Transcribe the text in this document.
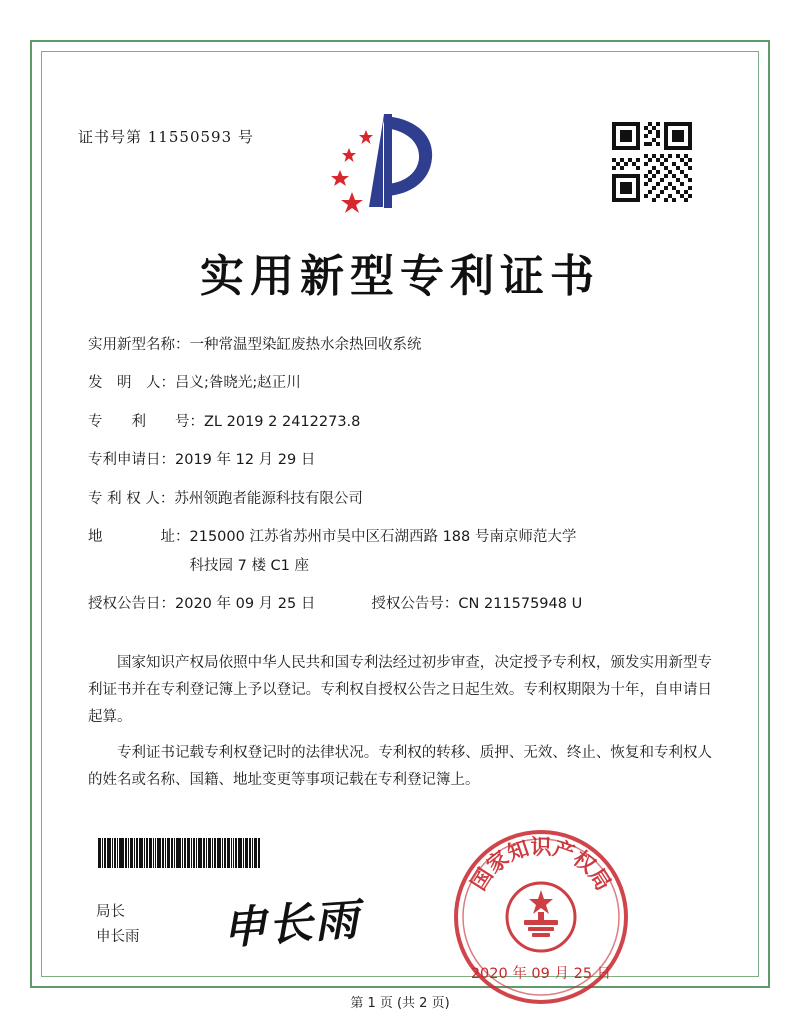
证书号第 11550593 号
实用新型专利证书
实用新型名称： 一种常温型染缸废热水余热回收系统
发　明　人： 吕义;昝晓光;赵正川
专　　利　　号： ZL 2019 2 2412273.8
专利申请日： 2019 年 12 月 29 日
专 利 权 人： 苏州领跑者能源科技有限公司
地　　　　址： 215000 江苏省苏州市吴中区石湖西路 188 号南京师范大学
科技园 7 楼 C1 座
授权公告日： 2020 年 09 月 25 日	授权公告号： CN 211575948 U

国家知识产权局依照中华人民共和国专利法经过初步审查，决定授予专利权，颁发实用新型专利证书并在专利登记簿上予以登记。专利权自授权公告之日起生效。专利权期限为十年，自申请日起算。

专利证书记载专利权登记时的法律状况。专利权的转移、质押、无效、终止、恢复和专利权人的姓名或名称、国籍、地址变更等事项记载在专利登记簿上。

局长
申长雨 申长雨
国家知识产权局
2020 年 09 月 25 日
第 1 页 (共 2 页)
